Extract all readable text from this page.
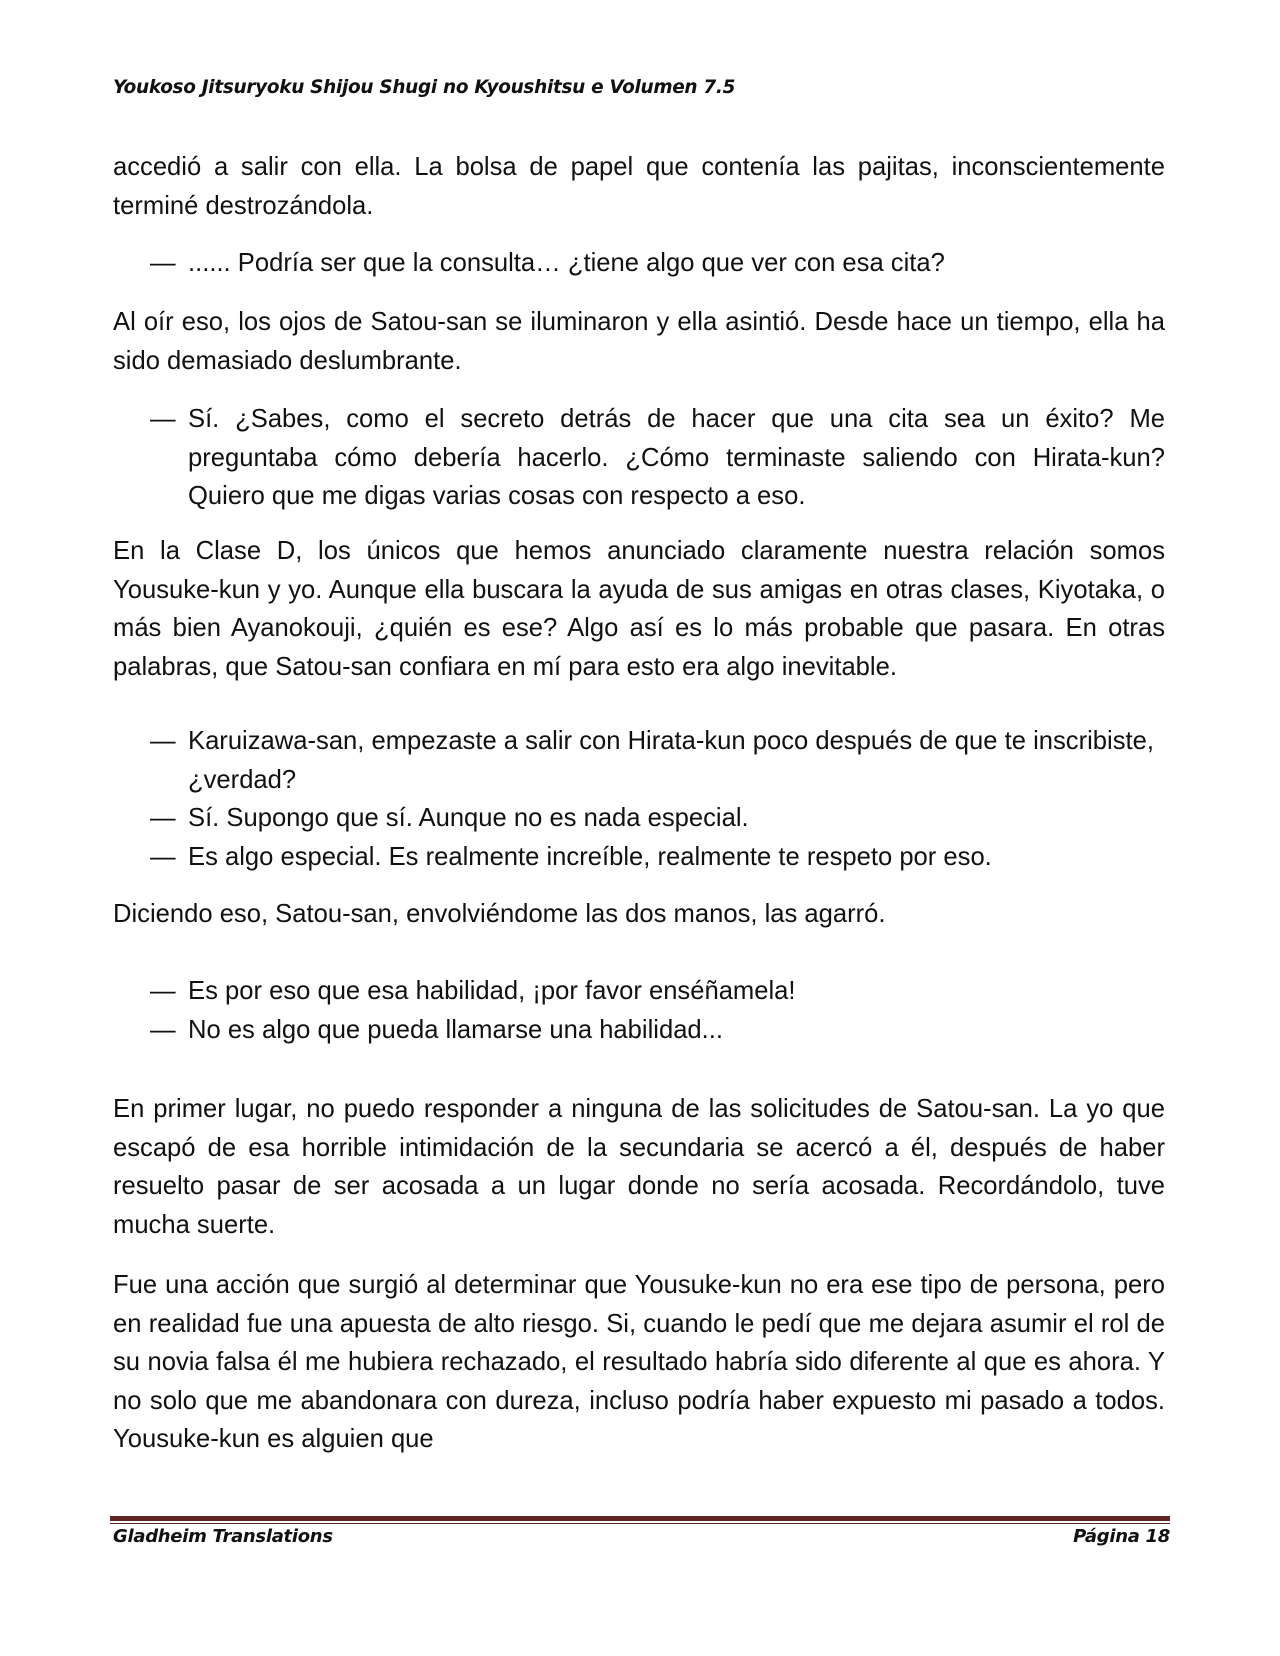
Youkoso Jitsuryoku Shijou Shugi no Kyoushitsu e Volumen 7.5

accedió a salir con ella. La bolsa de papel que contenía las pajitas, inconscientemente terminé destrozándola.

— ...... Podría ser que la consulta… ¿tiene algo que ver con esa cita?

Al oír eso, los ojos de Satou-san se iluminaron y ella asintió. Desde hace un tiempo, ella ha sido demasiado deslumbrante.

— Sí. ¿Sabes, como el secreto detrás de hacer que una cita sea un éxito? Me preguntaba cómo debería hacerlo. ¿Cómo terminaste saliendo con Hirata-kun? Quiero que me digas varias cosas con respecto a eso.

En la Clase D, los únicos que hemos anunciado claramente nuestra relación somos Yousuke-kun y yo. Aunque ella buscara la ayuda de sus amigas en otras clases, Kiyotaka, o más bien Ayanokouji, ¿quién es ese? Algo así es lo más probable que pasara. En otras palabras, que Satou-san confiara en mí para esto era algo inevitable.

— Karuizawa-san, empezaste a salir con Hirata-kun poco después de que te inscribiste, ¿verdad?
— Sí. Supongo que sí. Aunque no es nada especial.
— Es algo especial. Es realmente increíble, realmente te respeto por eso.

Diciendo eso, Satou-san, envolviéndome las dos manos, las agarró.

— Es por eso que esa habilidad, ¡por favor enséñamela!
— No es algo que pueda llamarse una habilidad...

En primer lugar, no puedo responder a ninguna de las solicitudes de Satou-san. La yo que escapó de esa horrible intimidación de la secundaria se acercó a él, después de haber resuelto pasar de ser acosada a un lugar donde no sería acosada. Recordándolo, tuve mucha suerte.

Fue una acción que surgió al determinar que Yousuke-kun no era ese tipo de persona, pero en realidad fue una apuesta de alto riesgo. Si, cuando le pedí que me dejara asumir el rol de su novia falsa él me hubiera rechazado, el resultado habría sido diferente al que es ahora. Y no solo que me abandonara con dureza, incluso podría haber expuesto mi pasado a todos. Yousuke-kun es alguien que

Gladheim Translations	Página 18
